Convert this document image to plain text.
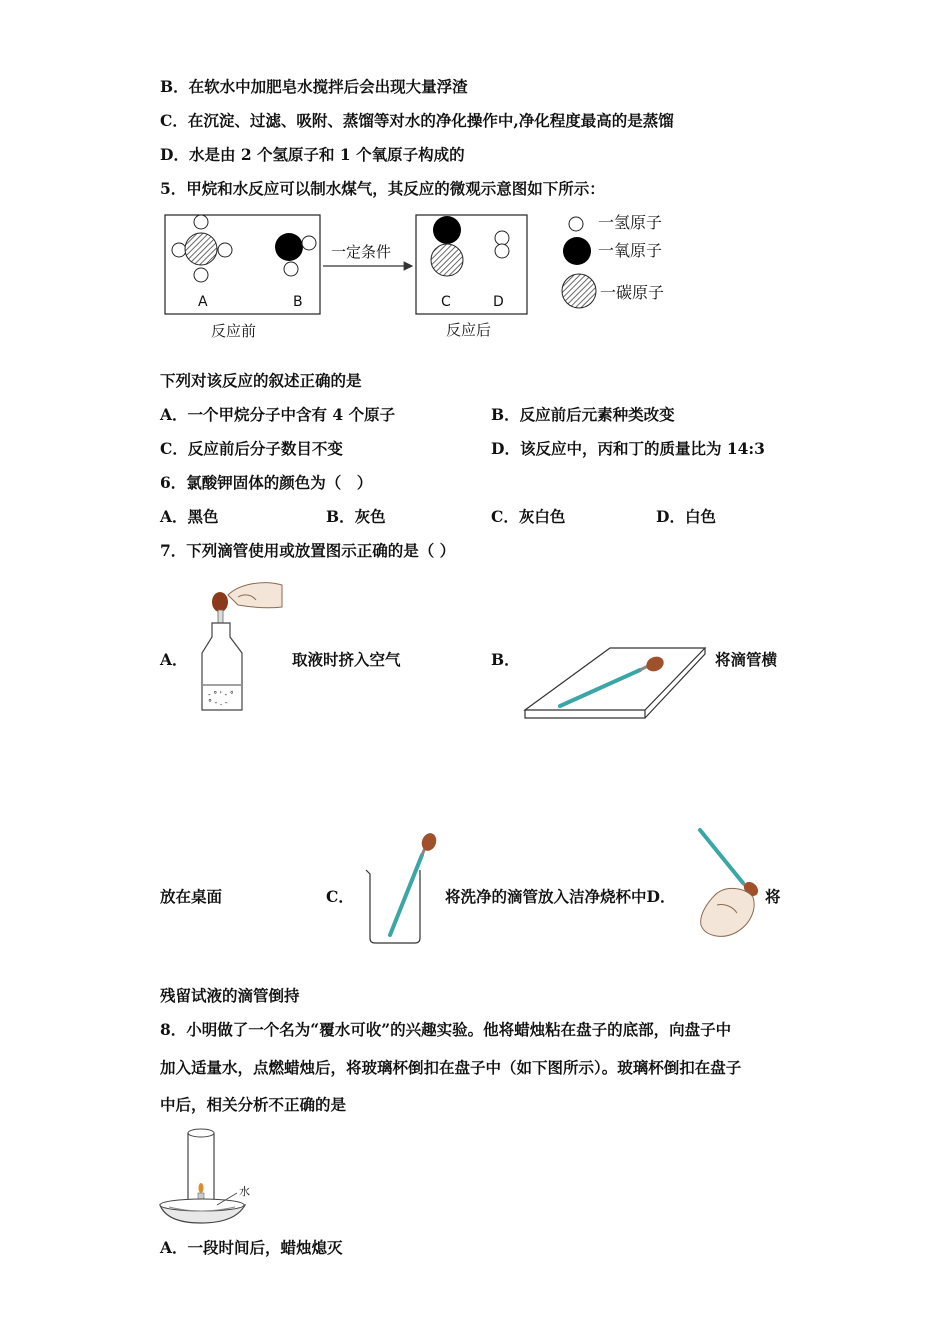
B．在软水中加肥皂水搅拌后会出现大量浮渣
C．在沉淀、过滤、吸附、蒸馏等对水的净化操作中,净化程度最高的是蒸馏
D．水是由 2 个氢原子和 1 个氧原子构成的
5．甲烷和水反应可以制水煤气，其反应的微观示意图如下所示：
A	B	C	D
一定条件
反应前	反应后
一氢原子
一氧原子
一碳原子
下列对该反应的叙述正确的是
A．一个甲烷分子中含有 4 个原子	B．反应前后元素种类改变
C．反应前后分子数目不变	D．该反应中，丙和丁的质量比为 14:3
6．氯酸钾固体的颜色为（　）
A．黑色	B．灰色	C．灰白色	D．白色
7．下列滴管使用或放置图示正确的是（ ）
- ° ' - °
° - . -
A．	取液时挤入空气	B．	将滴管横
放在桌面	C．	将洗净的滴管放入洁净烧杯中D．	将
残留试液的滴管倒持
8．小明做了一个名为“覆水可收”的兴趣实验。他将蜡烛粘在盘子的底部，向盘子中
加入适量水，点燃蜡烛后，将玻璃杯倒扣在盘子中（如下图所示）。玻璃杯倒扣在盘子
中后，相关分析不正确的是
水
A．一段时间后，蜡烛熄灭
